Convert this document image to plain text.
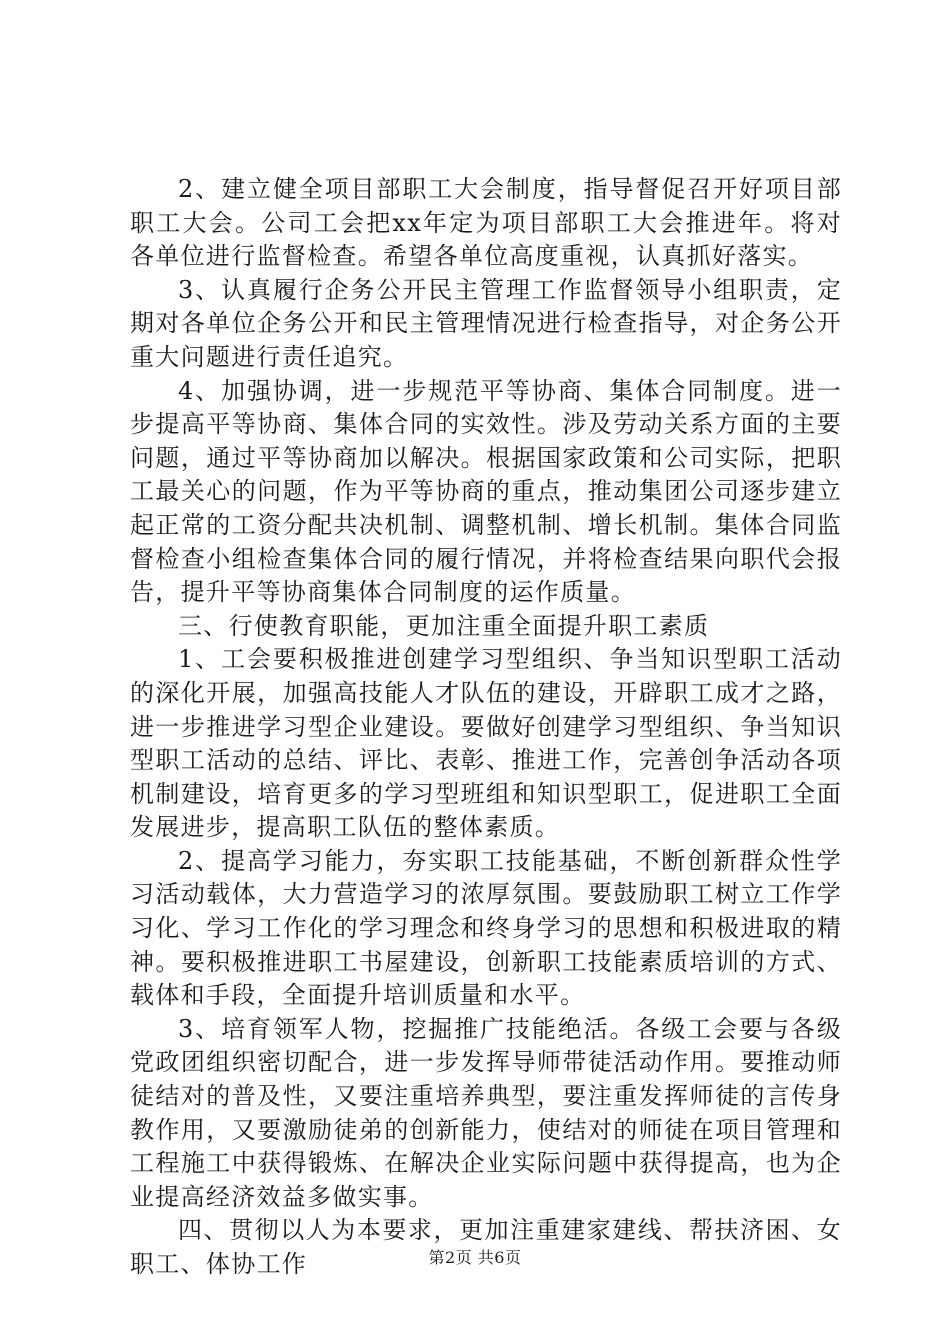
2、建立健全项目部职工大会制度，指导督促召开好项目部职工大会。公司工会把xx年定为项目部职工大会推进年。将对各单位进行监督检查。希望各单位高度重视，认真抓好落实。

3、认真履行企务公开民主管理工作监督领导小组职责，定期对各单位企务公开和民主管理情况进行检查指导，对企务公开重大问题进行责任追究。

4、加强协调，进一步规范平等协商、集体合同制度。进一步提高平等协商、集体合同的实效性。涉及劳动关系方面的主要问题，通过平等协商加以解决。根据国家政策和公司实际，把职工最关心的问题，作为平等协商的重点，推动集团公司逐步建立起正常的工资分配共决机制、调整机制、增长机制。集体合同监督检查小组检查集体合同的履行情况，并将检查结果向职代会报告，提升平等协商集体合同制度的运作质量。

三、行使教育职能，更加注重全面提升职工素质

1、工会要积极推进创建学习型组织、争当知识型职工活动的深化开展，加强高技能人才队伍的建设，开辟职工成才之路，进一步推进学习型企业建设。要做好创建学习型组织、争当知识型职工活动的总结、评比、表彰、推进工作，完善创争活动各项机制建设，培育更多的学习型班组和知识型职工，促进职工全面发展进步，提高职工队伍的整体素质。

2、提高学习能力，夯实职工技能基础，不断创新群众性学习活动载体，大力营造学习的浓厚氛围。要鼓励职工树立工作学习化、学习工作化的学习理念和终身学习的思想和积极进取的精神。要积极推进职工书屋建设，创新职工技能素质培训的方式、载体和手段，全面提升培训质量和水平。

3、培育领军人物，挖掘推广技能绝活。各级工会要与各级党政团组织密切配合，进一步发挥导师带徒活动作用。要推动师徒结对的普及性，又要注重培养典型，要注重发挥师徒的言传身教作用，又要激励徒弟的创新能力，使结对的师徒在项目管理和工程施工中获得锻炼、在解决企业实际问题中获得提高，也为企业提高经济效益多做实事。

四、贯彻以人为本要求，更加注重建家建线、帮扶济困、女职工、体协工作	第2页 共6页
